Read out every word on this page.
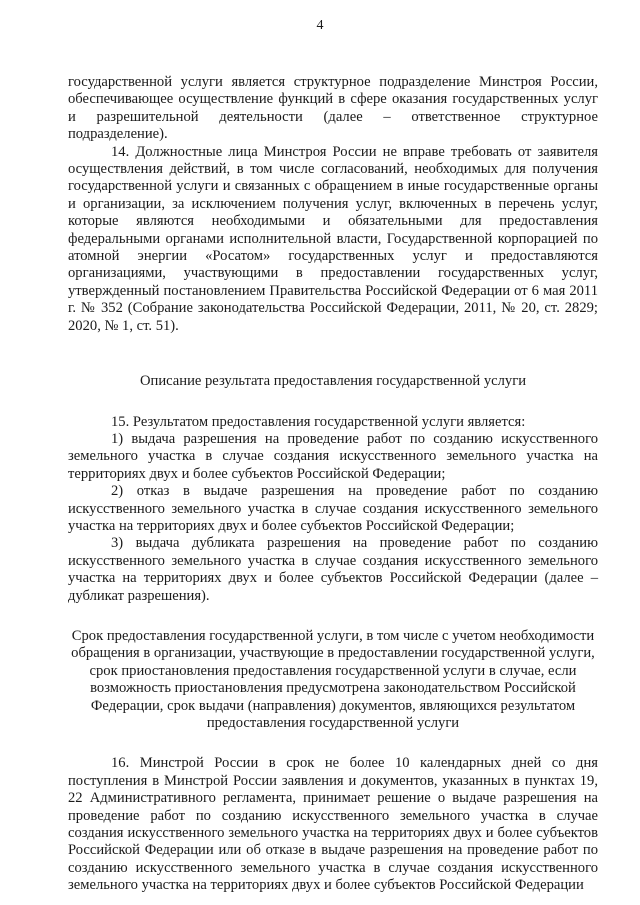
4

государственной услуги является структурное подразделение Минстроя России, обеспечивающее осуществление функций в сфере оказания государственных услуг и разрешительной деятельности (далее – ответственное структурное подразделение).

14. Должностные лица Минстроя России не вправе требовать от заявителя осуществления действий, в том числе согласований, необходимых для получения государственной услуги и связанных с обращением в иные государственные органы и организации, за исключением получения услуг, включенных в перечень услуг, которые являются необходимыми и обязательными для предоставления федеральными органами исполнительной власти, Государственной корпорацией по атомной энергии «Росатом» государственных услуг и предоставляются организациями, участвующими в предоставлении государственных услуг, утвержденный постановлением Правительства Российской Федерации от 6 мая 2011 г. № 352 (Собрание законодательства Российской Федерации, 2011, № 20, ст. 2829; 2020, № 1, ст. 51).

Описание результата предоставления государственной услуги

15. Результатом предоставления государственной услуги является:

1) выдача разрешения на проведение работ по созданию искусственного земельного участка в случае создания искусственного земельного участка на территориях двух и более субъектов Российской Федерации;

2) отказ в выдаче разрешения на проведение работ по созданию искусственного земельного участка в случае создания искусственного земельного участка на территориях двух и более субъектов Российской Федерации;

3) выдача дубликата разрешения на проведение работ по созданию искусственного земельного участка в случае создания искусственного земельного участка на территориях двух и более субъектов Российской Федерации (далее – дубликат разрешения).

Срок предоставления государственной услуги, в том числе с учетом необходимости обращения в организации, участвующие в предоставлении государственной услуги, срок приостановления предоставления государственной услуги в случае, если возможность приостановления предусмотрена законодательством Российской Федерации, срок выдачи (направления) документов, являющихся результатом предоставления государственной услуги

16. Минстрой России в срок не более 10 календарных дней со дня поступления в Минстрой России заявления и документов, указанных в пунктах 19, 22 Административного регламента, принимает решение о выдаче разрешения на проведение работ по созданию искусственного земельного участка в случае создания искусственного земельного участка на территориях двух и более субъектов Российской Федерации или об отказе в выдаче разрешения на проведение работ по созданию искусственного земельного участка в случае создания искусственного земельного участка на территориях двух и более субъектов Российской Федерации
